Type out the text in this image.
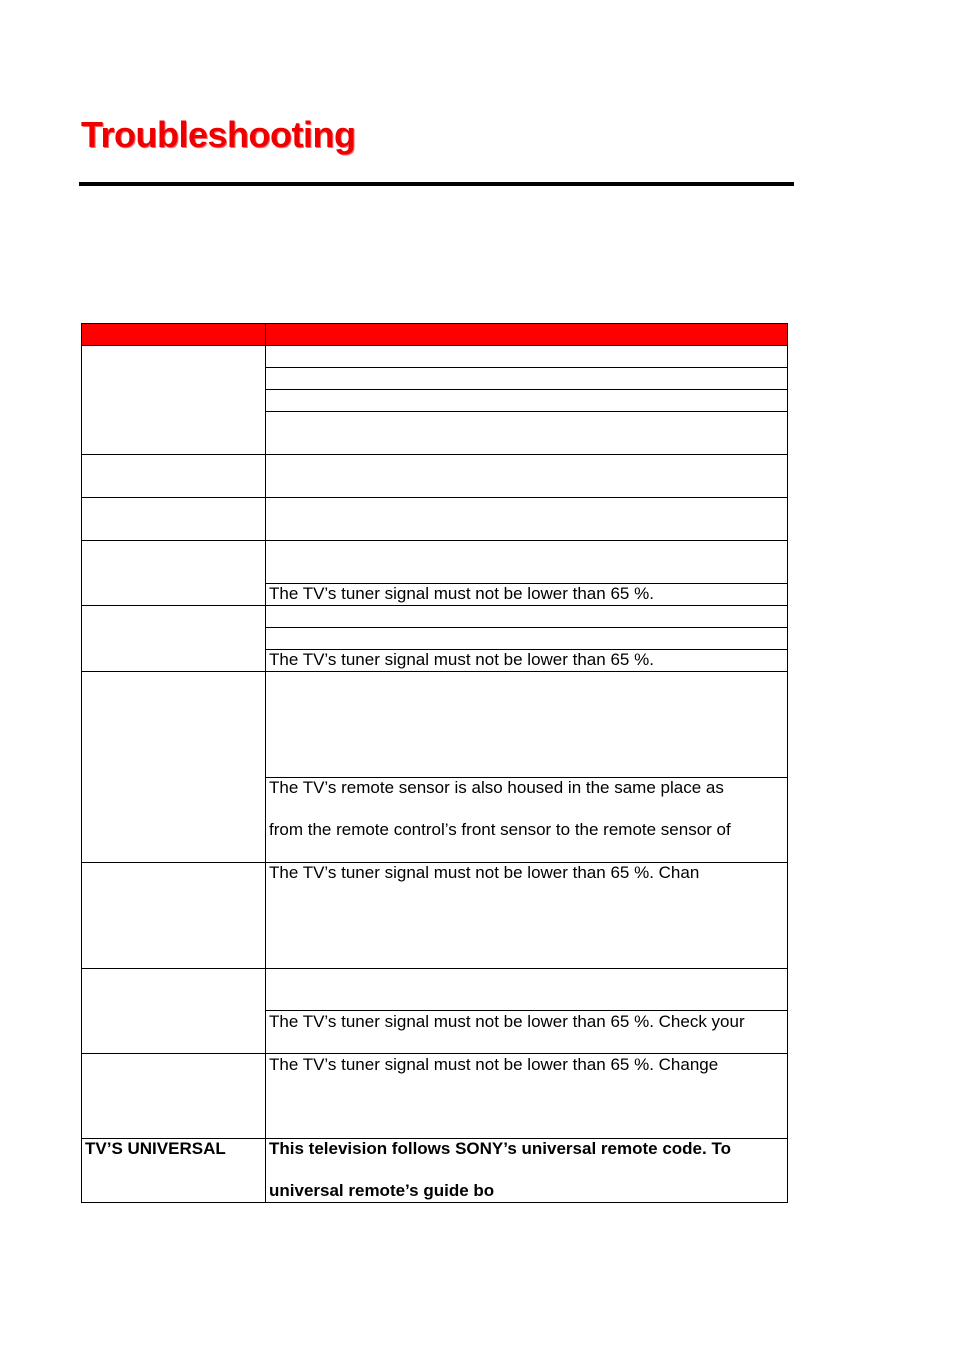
Troubleshooting
The TV’s tuner signal must not be lower than 65 %.
The TV’s tuner signal must not be lower than 65 %.
The TV’s remote sensor is also housed in the same place as
from the remote control’s front sensor to the remote sensor of
The TV’s tuner signal must not be lower than 65 %. Chan
The TV’s tuner signal must not be lower than 65 %. Check your
The TV’s tuner signal must not be lower than 65 %. Change
TV’S UNIVERSAL	This television follows SONY’s universal remote code. To
universal remote’s guide bo
